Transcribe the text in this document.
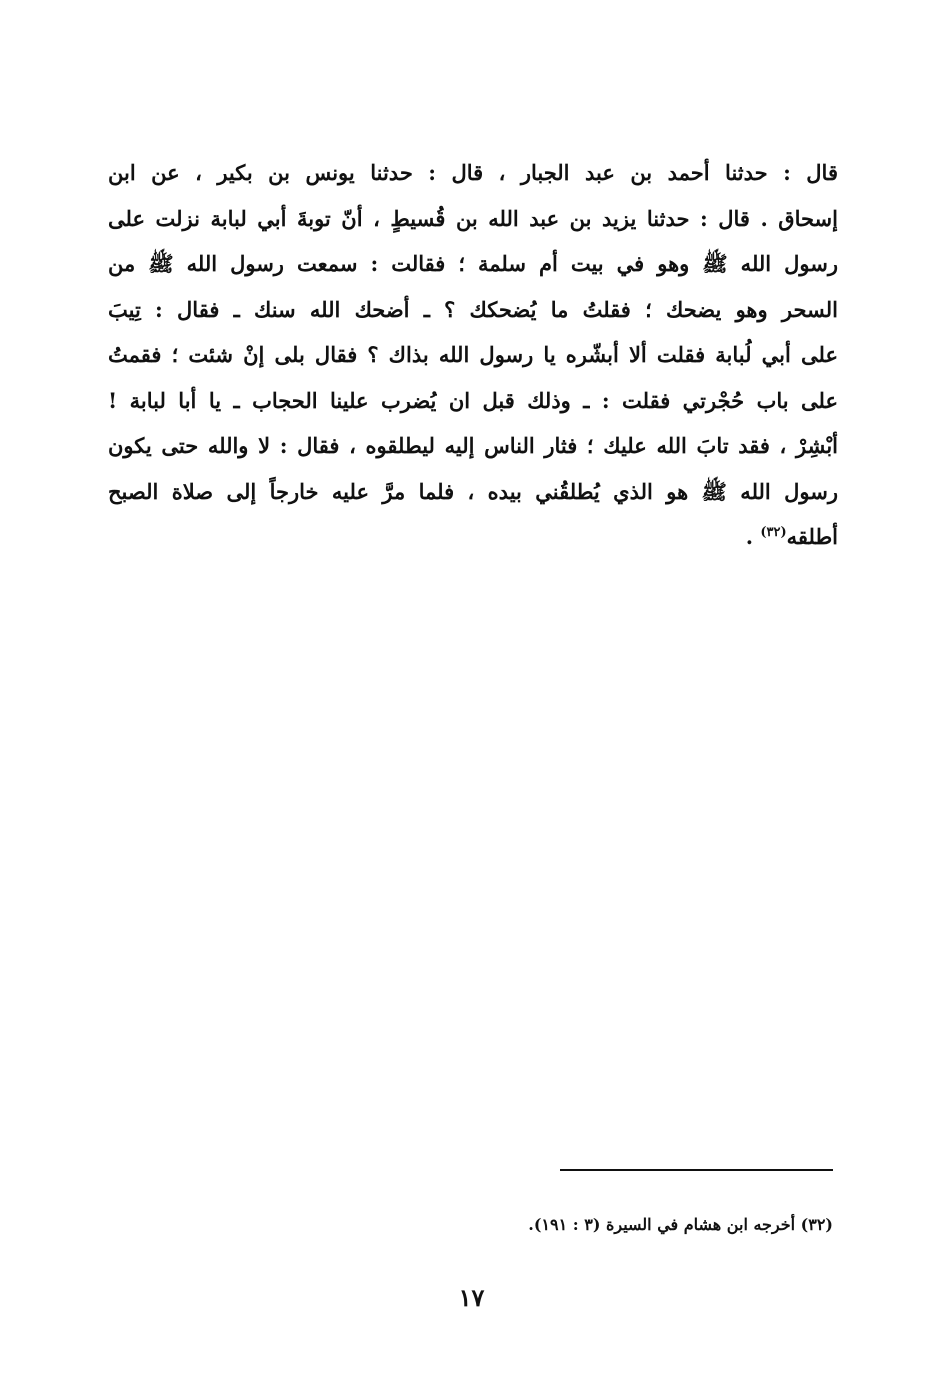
قال : حدثنا أحمد بن عبد الجبار ، قال : حدثنا يونس بن بكير ، عن ابن
إسحاق . قال : حدثنا يزيد بن عبد الله بن قُسيطٍ ، أنّ توبةَ أبي لبابة نزلت على
رسول الله ﷺ وهو في بيت أم سلمة ؛ فقالت : سمعت رسول الله ﷺ من
السحر وهو يضحك ؛ فقلتُ ما يُضحكك ؟ ـ أضحك الله سنك ـ فقال : تِيبَ
على أبي لُبابة فقلت ألا أبشّره يا رسول الله بذاك ؟ فقال بلى إنْ شئت ؛ فقمتُ
على باب حُجْرتي فقلت : ـ وذلك قبل ان يُضرب علينا الحجاب ـ يا أبا لبابة !
أبْشِرْ ، فقد تابَ الله عليك ؛ فثار الناس إليه ليطلقوه ، فقال : لا والله حتى يكون
رسول الله ﷺ هو الذي يُطلقُني بيده ، فلما مرَّ عليه خارجاً إلى صلاة الصبح
أطلقه$^{(٣٢)}$ .
(٣٢) أخرجه ابن هشام في السيرة (٣ : ١٩١).
١٧
